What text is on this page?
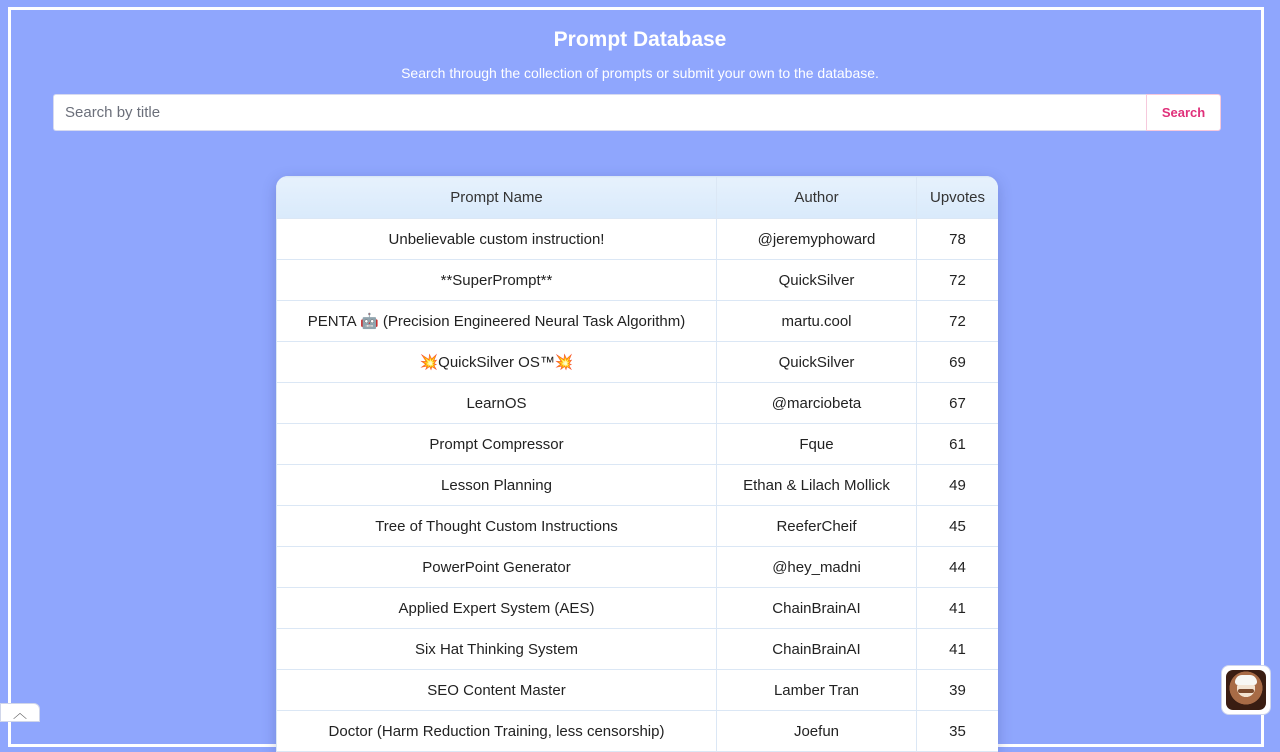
Prompt Database
Search through the collection of prompts or submit your own to the database.
Search by title
Search
Prompt Name	Author	Upvotes
Unbelievable custom instruction!	@jeremyphoward	78
**SuperPrompt**	QuickSilver	72
PENTA 🤖 (Precision Engineered Neural Task Algorithm)	martu.cool	72
💥QuickSilver OS™💥	QuickSilver	69
LearnOS	@marciobeta	67
Prompt Compressor	Fque	61
Lesson Planning	Ethan & Lilach Mollick	49
Tree of Thought Custom Instructions	ReeferCheif	45
PowerPoint Generator	@hey_madni	44
Applied Expert System (AES)	ChainBrainAI	41
Six Hat Thinking System	ChainBrainAI	41
SEO Content Master	Lamber Tran	39
Doctor (Harm Reduction Training, less censorship)	Joefun	35
︿
